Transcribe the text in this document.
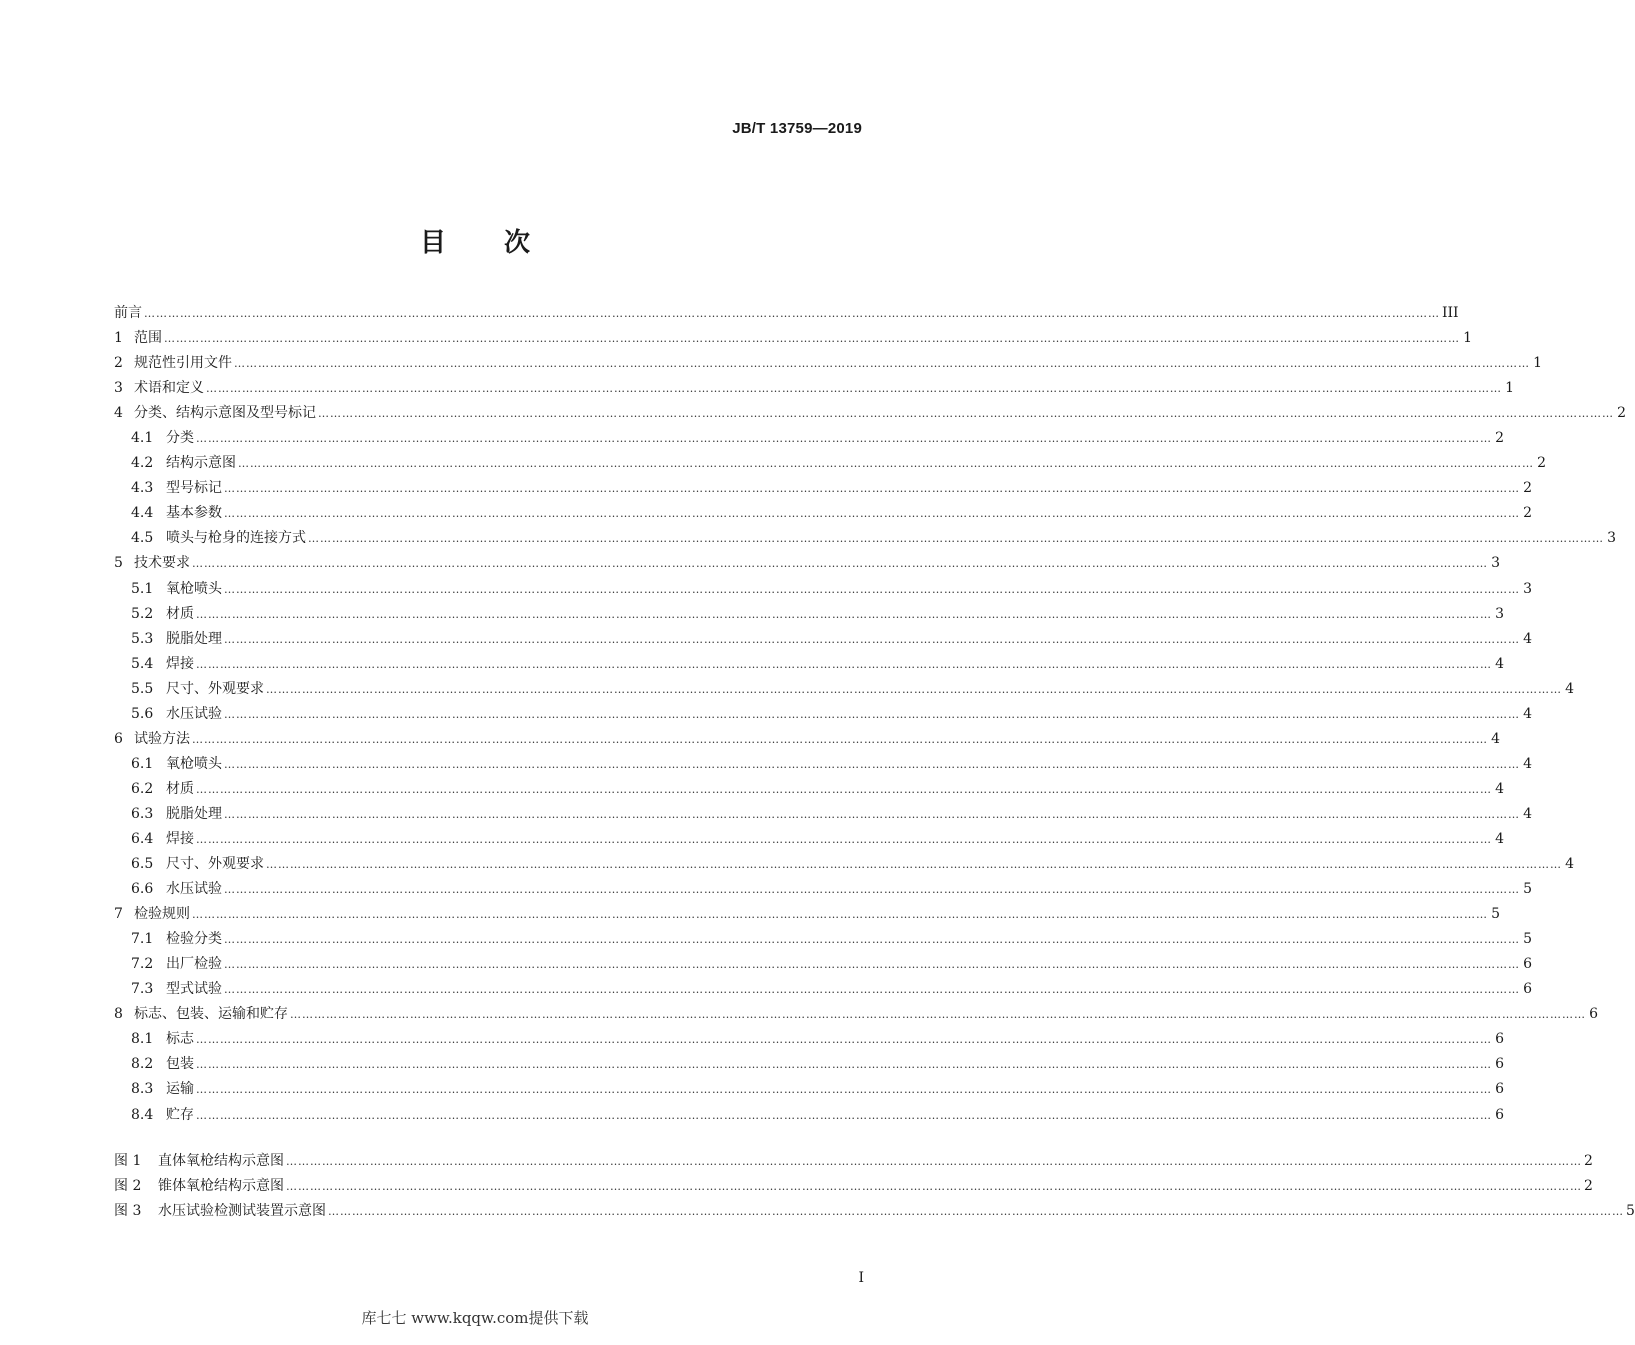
JB/T 13759—2019
目 次
前言 ……………………………………………………………………………………………………………………………………………………………………………………………………………………………………………………………………………………………… III
1 范围 ……………………………………………………………………………………………………………………………………………………………………………………………………………………………………………………………………………………………… 1
2 规范性引用文件 ……………………………………………………………………………………………………………………………………………………………………………………………………………………………………………………………………………………………… 1
3 术语和定义 ……………………………………………………………………………………………………………………………………………………………………………………………………………………………………………………………………………………………… 1
4 分类、结构示意图及型号标记 ……………………………………………………………………………………………………………………………………………………………………………………………………………………………………………………………………………………………… 2
4.1 分类 ……………………………………………………………………………………………………………………………………………………………………………………………………………………………………………………………………………………………… 2
4.2 结构示意图 ……………………………………………………………………………………………………………………………………………………………………………………………………………………………………………………………………………………………… 2
4.3 型号标记 ……………………………………………………………………………………………………………………………………………………………………………………………………………………………………………………………………………………………… 2
4.4 基本参数 ……………………………………………………………………………………………………………………………………………………………………………………………………………………………………………………………………………………………… 2
4.5 喷头与枪身的连接方式 ……………………………………………………………………………………………………………………………………………………………………………………………………………………………………………………………………………………………… 3
5 技术要求 ……………………………………………………………………………………………………………………………………………………………………………………………………………………………………………………………………………………………… 3
5.1 氧枪喷头 ……………………………………………………………………………………………………………………………………………………………………………………………………………………………………………………………………………………………… 3
5.2 材质 ……………………………………………………………………………………………………………………………………………………………………………………………………………………………………………………………………………………………… 3
5.3 脱脂处理 ……………………………………………………………………………………………………………………………………………………………………………………………………………………………………………………………………………………………… 4
5.4 焊接 ……………………………………………………………………………………………………………………………………………………………………………………………………………………………………………………………………………………………… 4
5.5 尺寸、外观要求 ……………………………………………………………………………………………………………………………………………………………………………………………………………………………………………………………………………………………… 4
5.6 水压试验 ……………………………………………………………………………………………………………………………………………………………………………………………………………………………………………………………………………………………… 4
6 试验方法 ……………………………………………………………………………………………………………………………………………………………………………………………………………………………………………………………………………………………… 4
6.1 氧枪喷头 ……………………………………………………………………………………………………………………………………………………………………………………………………………………………………………………………………………………………… 4
6.2 材质 ……………………………………………………………………………………………………………………………………………………………………………………………………………………………………………………………………………………………… 4
6.3 脱脂处理 ……………………………………………………………………………………………………………………………………………………………………………………………………………………………………………………………………………………………… 4
6.4 焊接 ……………………………………………………………………………………………………………………………………………………………………………………………………………………………………………………………………………………………… 4
6.5 尺寸、外观要求 ……………………………………………………………………………………………………………………………………………………………………………………………………………………………………………………………………………………………… 4
6.6 水压试验 ……………………………………………………………………………………………………………………………………………………………………………………………………………………………………………………………………………………………… 5
7 检验规则 ……………………………………………………………………………………………………………………………………………………………………………………………………………………………………………………………………………………………… 5
7.1 检验分类 ……………………………………………………………………………………………………………………………………………………………………………………………………………………………………………………………………………………………… 5
7.2 出厂检验 ……………………………………………………………………………………………………………………………………………………………………………………………………………………………………………………………………………………………… 6
7.3 型式试验 ……………………………………………………………………………………………………………………………………………………………………………………………………………………………………………………………………………………………… 6
8 标志、包装、运输和贮存 ……………………………………………………………………………………………………………………………………………………………………………………………………………………………………………………………………………………………… 6
8.1 标志 ……………………………………………………………………………………………………………………………………………………………………………………………………………………………………………………………………………………………… 6
8.2 包装 ……………………………………………………………………………………………………………………………………………………………………………………………………………………………………………………………………………………………… 6
8.3 运输 ……………………………………………………………………………………………………………………………………………………………………………………………………………………………………………………………………………………………… 6
8.4 贮存 ……………………………………………………………………………………………………………………………………………………………………………………………………………………………………………………………………………………………… 6
图 1	直体氧枪结构示意图 ……………………………………………………………………………………………………………………………………………………………………………………………………………………………………………………………………………………………… 2
图 2	锥体氧枪结构示意图 ……………………………………………………………………………………………………………………………………………………………………………………………………………………………………………………………………………………………… 2
图 3	水压试验检测试装置示意图 ……………………………………………………………………………………………………………………………………………………………………………………………………………………………………………………………………………………………… 5
I
库七七 www.kqqw.com提供下载
